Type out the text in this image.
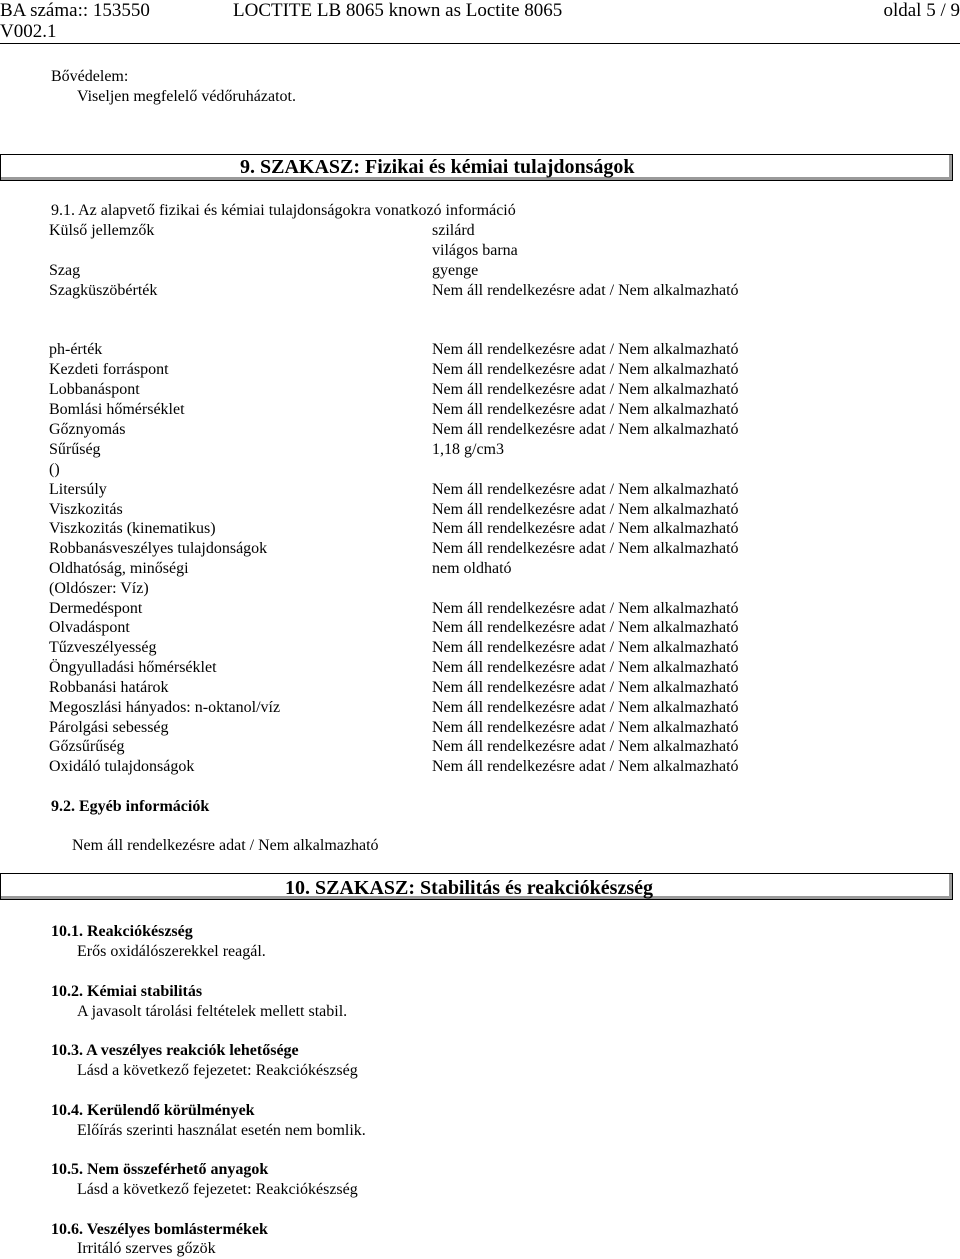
BA száma:: 153550
V002.1
LOCTITE LB 8065 known as Loctite 8065	oldal 5 / 9
Bővédelem:
Viseljen megfelelő védőruházatot.
9. SZAKASZ: Fizikai és kémiai tulajdonságok
9.1. Az alapvető fizikai és kémiai tulajdonságokra vonatkozó információ
Külső jellemzők	szilárd
világos barna
Szag	gyenge
Szagküszöbérték	Nem áll rendelkezésre adat / Nem alkalmazható
ph-érték	Nem áll rendelkezésre adat / Nem alkalmazható
Kezdeti forráspont	Nem áll rendelkezésre adat / Nem alkalmazható
Lobbanáspont	Nem áll rendelkezésre adat / Nem alkalmazható
Bomlási hőmérséklet	Nem áll rendelkezésre adat / Nem alkalmazható
Gőznyomás	Nem áll rendelkezésre adat / Nem alkalmazható
Sűrűség	1,18 g/cm3
()
Litersúly	Nem áll rendelkezésre adat / Nem alkalmazható
Viszkozitás	Nem áll rendelkezésre adat / Nem alkalmazható
Viszkozitás (kinematikus)	Nem áll rendelkezésre adat / Nem alkalmazható
Robbanásveszélyes tulajdonságok	Nem áll rendelkezésre adat / Nem alkalmazható
Oldhatóság, minőségi	nem oldható
(Oldószer: Víz)
Dermedéspont	Nem áll rendelkezésre adat / Nem alkalmazható
Olvadáspont	Nem áll rendelkezésre adat / Nem alkalmazható
Tűzveszélyesség	Nem áll rendelkezésre adat / Nem alkalmazható
Öngyulladási hőmérséklet	Nem áll rendelkezésre adat / Nem alkalmazható
Robbanási határok	Nem áll rendelkezésre adat / Nem alkalmazható
Megoszlási hányados: n-oktanol/víz	Nem áll rendelkezésre adat / Nem alkalmazható
Párolgási sebesség	Nem áll rendelkezésre adat / Nem alkalmazható
Gőzsűrűség	Nem áll rendelkezésre adat / Nem alkalmazható
Oxidáló tulajdonságok	Nem áll rendelkezésre adat / Nem alkalmazható
9.2. Egyéb információk
Nem áll rendelkezésre adat / Nem alkalmazható
10. SZAKASZ: Stabilitás és reakciókészség
10.1. Reakciókészség
Erős oxidálószerekkel reagál.
10.2. Kémiai stabilitás
A javasolt tárolási feltételek mellett stabil.
10.3. A veszélyes reakciók lehetősége
Lásd a következő fejezetet: Reakciókészség
10.4. Kerülendő körülmények
Előírás szerinti használat esetén nem bomlik.
10.5. Nem összeférhető anyagok
Lásd a következő fejezetet: Reakciókészség
10.6. Veszélyes bomlástermékek
Irritáló szerves gőzök
